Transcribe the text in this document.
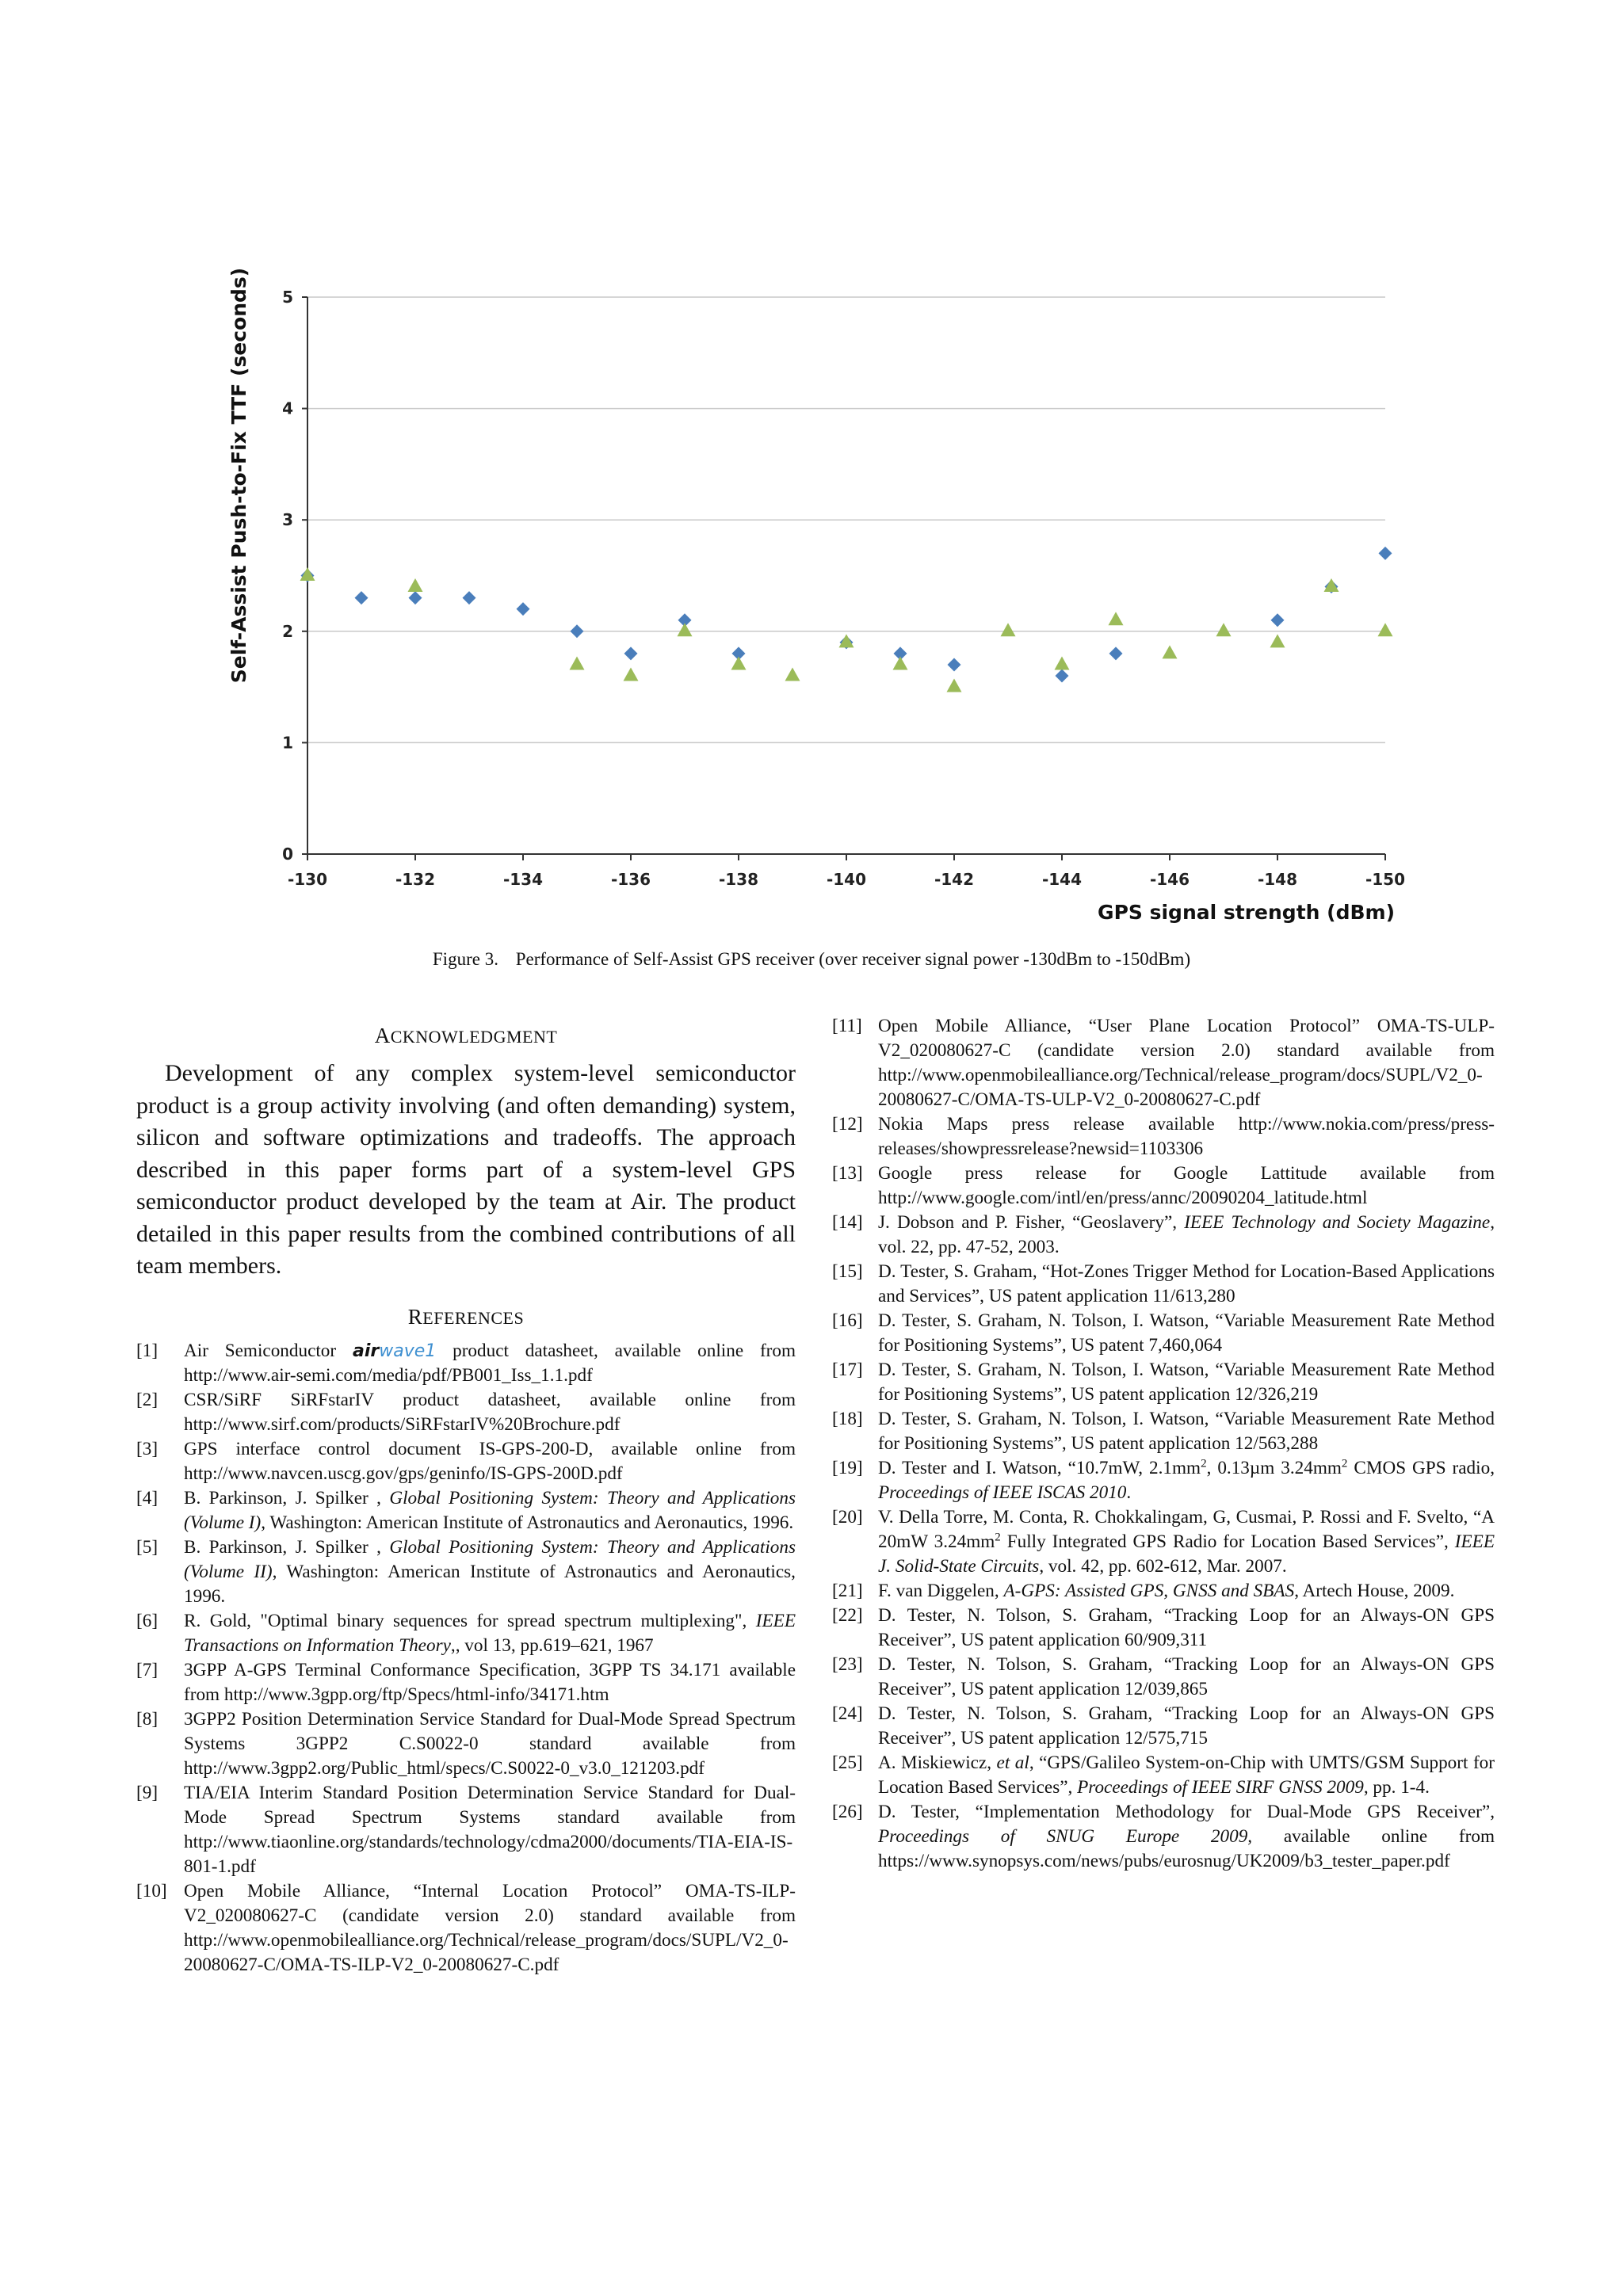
0
1
2
3
4
5
-130	-132	-134	-136	-138	-140	-142	-144	-146	-148	-150
Self-Assist Push-to-Fix TTF (seconds)
GPS signal strength (dBm)
Figure 3. Performance of Self-Assist GPS receiver (over receiver signal power -130dBm to -150dBm)
ACKNOWLEDGMENT

Development of any complex system-level semiconductor product is a group activity involving (and often demanding) system, silicon and software optimizations and tradeoffs. The approach described in this paper forms part of a system-level GPS semiconductor product developed by the team at Air. The product detailed in this paper results from the combined contributions of all team members.

REFERENCES
[1]	Air Semiconductor airwave1 product datasheet, available online from http://www.air-semi.com/media/pdf/PB001_Iss_1.1.pdf
[2]	CSR/SiRF SiRFstarIV product datasheet, available online from http://www.sirf.com/products/SiRFstarIV%20Brochure.pdf
[3]	GPS interface control document IS-GPS-200-D, available online from http://www.navcen.uscg.gov/gps/geninfo/IS-GPS-200D.pdf
[4]	B. Parkinson, J. Spilker , Global Positioning System: Theory and Applications (Volume I), Washington: American Institute of Astronautics and Aeronautics, 1996.
[5]	B. Parkinson, J. Spilker , Global Positioning System: Theory and Applications (Volume II), Washington: American Institute of Astronautics and Aeronautics, 1996.
[6]	R. Gold, "Optimal binary sequences for spread spectrum multiplexing", IEEE Transactions on Information Theory,, vol 13, pp.619–621, 1967
[7]	3GPP A-GPS Terminal Conformance Specification, 3GPP TS 34.171 available from http://www.3gpp.org/ftp/Specs/html-info/34171.htm
[8]	3GPP2 Position Determination Service Standard for Dual-Mode Spread Spectrum Systems 3GPP2 C.S0022-0 standard available from http://www.3gpp2.org/Public_html/specs/C.S0022-0_v3.0_121203.pdf
[9]	TIA/EIA Interim Standard Position Determination Service Standard for Dual-Mode Spread Spectrum Systems standard available from http://www.tiaonline.org/standards/technology/cdma2000/documents/TIA-EIA-IS-801-1.pdf
[10] Open Mobile Alliance, “Internal Location Protocol” OMA-TS-ILP-V2_020080627-C (candidate version 2.0) standard available from http://www.openmobilealliance.org/Technical/release_program/docs/SUPL/V2_0-20080627-C/OMA-TS-ILP-V2_0-20080627-C.pdf
[11] Open Mobile Alliance, “User Plane Location Protocol” OMA-TS-ULP-V2_020080627-C (candidate version 2.0) standard available from http://www.openmobilealliance.org/Technical/release_program/docs/SUPL/V2_0-20080627-C/OMA-TS-ULP-V2_0-20080627-C.pdf
[12] Nokia Maps press release available http://www.nokia.com/press/press-releases/showpressrelease?newsid=1103306
[13] Google press release for Google Lattitude available from http://www.google.com/intl/en/press/annc/20090204_latitude.html
[14] J. Dobson and P. Fisher, “Geoslavery”, IEEE Technology and Society Magazine, vol. 22, pp. 47-52, 2003.
[15] D. Tester, S. Graham, “Hot-Zones Trigger Method for Location-Based Applications and Services”, US patent application 11/613,280
[16] D. Tester, S. Graham, N. Tolson, I. Watson, “Variable Measurement Rate Method for Positioning Systems”, US patent 7,460,064
[17] D. Tester, S. Graham, N. Tolson, I. Watson, “Variable Measurement Rate Method for Positioning Systems”, US patent application 12/326,219
[18] D. Tester, S. Graham, N. Tolson, I. Watson, “Variable Measurement Rate Method for Positioning Systems”, US patent application 12/563,288
[19] D. Tester and I. Watson, “10.7mW, $2.1mm^2$, 0.13µm $3.24mm^2$ CMOS GPS radio, Proceedings of IEEE ISCAS 2010.
[20] V. Della Torre, M. Conta, R. Chokkalingam, G, Cusmai, P. Rossi and F. Svelto, “A 20mW $3.24mm^2$ Fully Integrated GPS Radio for Location Based Services”, IEEE J. Solid-State Circuits, vol. 42, pp. 602-612, Mar. 2007.
[21] F. van Diggelen, A-GPS: Assisted GPS, GNSS and SBAS, Artech House, 2009.
[22] D. Tester, N. Tolson, S. Graham, “Tracking Loop for an Always-ON GPS Receiver”, US patent application 60/909,311
[23] D. Tester, N. Tolson, S. Graham, “Tracking Loop for an Always-ON GPS Receiver”, US patent application 12/039,865
[24] D. Tester, N. Tolson, S. Graham, “Tracking Loop for an Always-ON GPS Receiver”, US patent application 12/575,715
[25] A. Miskiewicz, et al, “GPS/Galileo System-on-Chip with UMTS/GSM Support for Location Based Services”, Proceedings of IEEE SIRF GNSS 2009, pp. 1-4.
[26] D. Tester, “Implementation Methodology for Dual-Mode GPS Receiver”, Proceedings of SNUG Europe 2009, available online from https://www.synopsys.com/news/pubs/eurosnug/UK2009/b3_tester_paper.pdf
